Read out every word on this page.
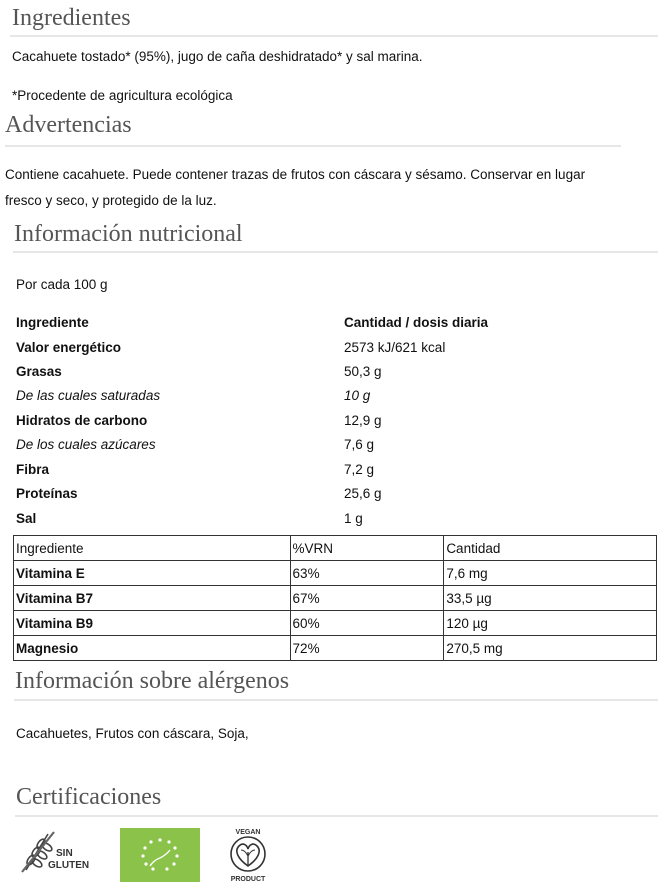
Ingredientes
Cacahuete tostado* (95%), jugo de caña deshidratado* y sal marina.
*Procedente de agricultura ecológica
Advertencias
Contiene cacahuete. Puede contener trazas de frutos con cáscara y sésamo. Conservar en lugar fresco y seco, y protegido de la luz.
Información nutricional
Por cada 100 g
Ingrediente	Cantidad / dosis diaria
Valor energético	2573 kJ/621 kcal
Grasas	50,3 g
De las cuales saturadas	10 g
Hidratos de carbono	12,9 g
De los cuales azúcares	7,6 g
Fibra	7,2 g
Proteínas	25,6 g
Sal	1 g
Ingrediente	%VRN	Cantidad
Vitamina E	63%	7,6 mg
Vitamina B7	67%	33,5 µg
Vitamina B9	60%	120 µg
Magnesio	72%	270,5 mg
Información sobre alérgenos
Cacahuetes, Frutos con cáscara, Soja,
Certificaciones
SIN
GLUTEN
VEGAN
PRODUCT
